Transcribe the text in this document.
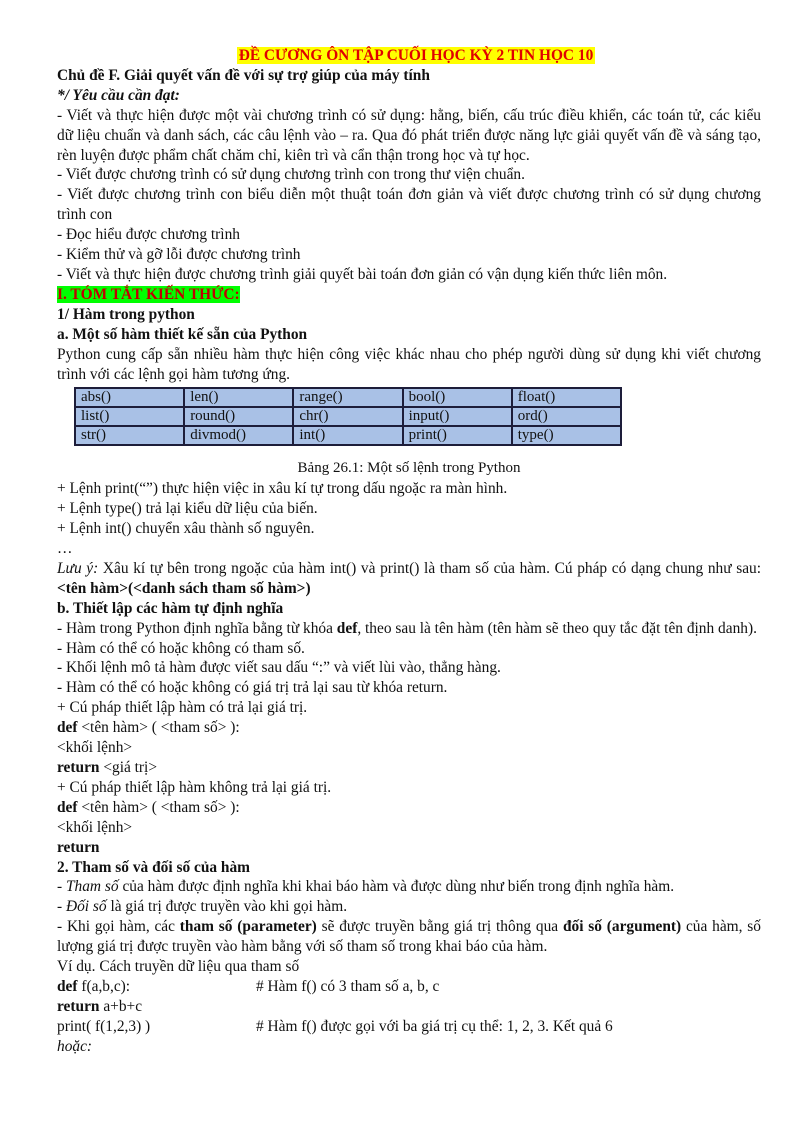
ĐỀ CƯƠNG ÔN TẬP CUỐI HỌC KỲ 2 TIN HỌC 10
Chủ đề F. Giải quyết vấn đề với sự trợ giúp của máy tính
*/ Yêu cầu cần đạt:
- Viết và thực hiện được một vài chương trình có sử dụng: hằng, biến, cấu trúc điều khiển, các toán tử, các kiểu dữ liệu chuẩn và danh sách, các câu lệnh vào – ra. Qua đó phát triển được năng lực giải quyết vấn đề và sáng tạo, rèn luyện được phẩm chất chăm chỉ, kiên trì và cẩn thận trong học và tự học.
- Viết được chương trình có sử dụng chương trình con trong thư viện chuẩn.
- Viết được chương trình con biểu diễn một thuật toán đơn giản và viết được chương trình có sử dụng chương trình con
- Đọc hiểu được chương trình
- Kiểm thử và gỡ lỗi được chương trình
- Viết và thực hiện được chương trình giải quyết bài toán đơn giản có vận dụng kiến thức liên môn.
I. TÓM TẮT KIẾN THỨC:
1/ Hàm trong python
a. Một số hàm thiết kế sẵn của Python
Python cung cấp sẵn nhiều hàm thực hiện công việc khác nhau cho phép người dùng sử dụng khi viết chương trình với các lệnh gọi hàm tương ứng.
abs()	len()	range()	bool()	float()
list()	round()	chr()	input()	ord()
str()	divmod()	int()	print()	type()
Bảng 26.1: Một số lệnh trong Python
+ Lệnh print(“”) thực hiện việc in xâu kí tự trong dấu ngoặc ra màn hình.
+ Lệnh type() trả lại kiểu dữ liệu của biến.
+ Lệnh int() chuyển xâu thành số nguyên.
…
Lưu ý: Xâu kí tự bên trong ngoặc của hàm int() và print() là tham số của hàm. Cú pháp có dạng chung như sau: <tên hàm>(<danh sách tham số hàm>)
b. Thiết lập các hàm tự định nghĩa
- Hàm trong Python định nghĩa bằng từ khóa def, theo sau là tên hàm (tên hàm sẽ theo quy tắc đặt tên định danh).
- Hàm có thể có hoặc không có tham số.
- Khối lệnh mô tả hàm được viết sau dấu “:” và viết lùi vào, thẳng hàng.
- Hàm có thể có hoặc không có giá trị trả lại sau từ khóa return.
+ Cú pháp thiết lập hàm có trả lại giá trị.
def <tên hàm> ( <tham số> ):
<khối lệnh>
return <giá trị>
+ Cú pháp thiết lập hàm không trả lại giá trị.
def <tên hàm> ( <tham số> ):
<khối lệnh>
return
2. Tham số và đối số của hàm
- Tham số của hàm được định nghĩa khi khai báo hàm và được dùng như biến trong định nghĩa hàm.
- Đối số là giá trị được truyền vào khi gọi hàm.
- Khi gọi hàm, các tham số (parameter) sẽ được truyền bằng giá trị thông qua đối số (argument) của hàm, số lượng giá trị được truyền vào hàm bằng với số tham số trong khai báo của hàm.
Ví dụ. Cách truyền dữ liệu qua tham số
def f(a,b,c):	# Hàm f() có 3 tham số a, b, c
return a+b+c
print( f(1,2,3) )	# Hàm f() được gọi với ba giá trị cụ thể: 1, 2, 3. Kết quả 6
hoặc:
